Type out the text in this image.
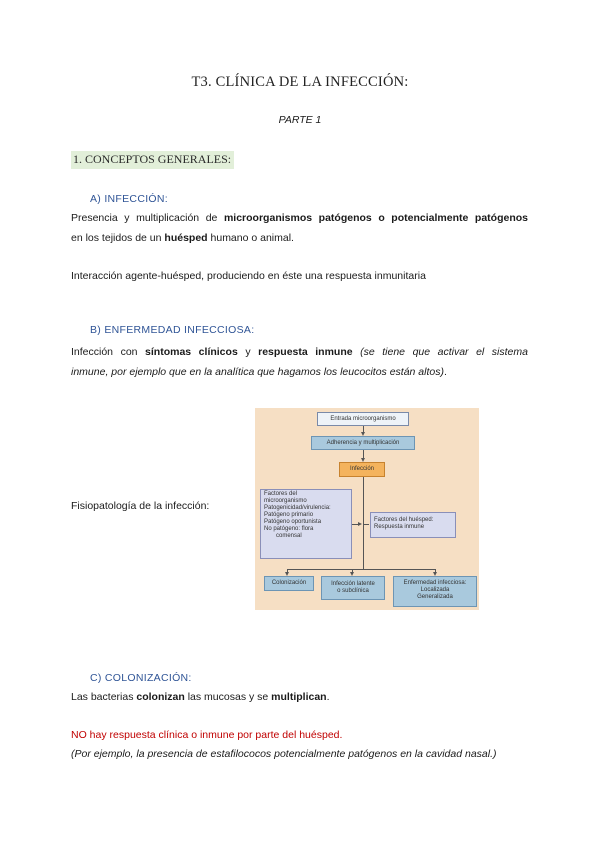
T3. CLÍNICA DE LA INFECCIÓN:
PARTE 1
1. CONCEPTOS GENERALES:
A) INFECCIÓN:
Presencia y multiplicación de microorganismos patógenos o potencialmente patógenos
en los tejidos de un huésped humano o animal.
Interacción agente-huésped, produciendo en éste una respuesta inmunitaria
B) ENFERMEDAD INFECCIOSA:
Infección con síntomas clínicos y respuesta inmune (se tiene que activar el sistema
inmune, por ejemplo que en la analítica que hagamos los leucocitos están altos).
Fisiopatología de la infección:
Entrada microorganismo
Adherencia y multiplicación
Infección
Factores del
microorganismo
Patogenicidad/virulencia:
Patógeno primario
Patógeno oportunista
No patógeno: flora
comensal
Factores del huésped:
Respuesta inmune
Colonización	Infección latente
o subclínica
Enfermedad infecciosa:
Localizada
Generalizada
C) COLONIZACIÓN:
Las bacterias colonizan las mucosas y se multiplican.
NO hay respuesta clínica o inmune por parte del huésped.
(Por ejemplo, la presencia de estafilococos potencialmente patógenos en la cavidad nasal.)
